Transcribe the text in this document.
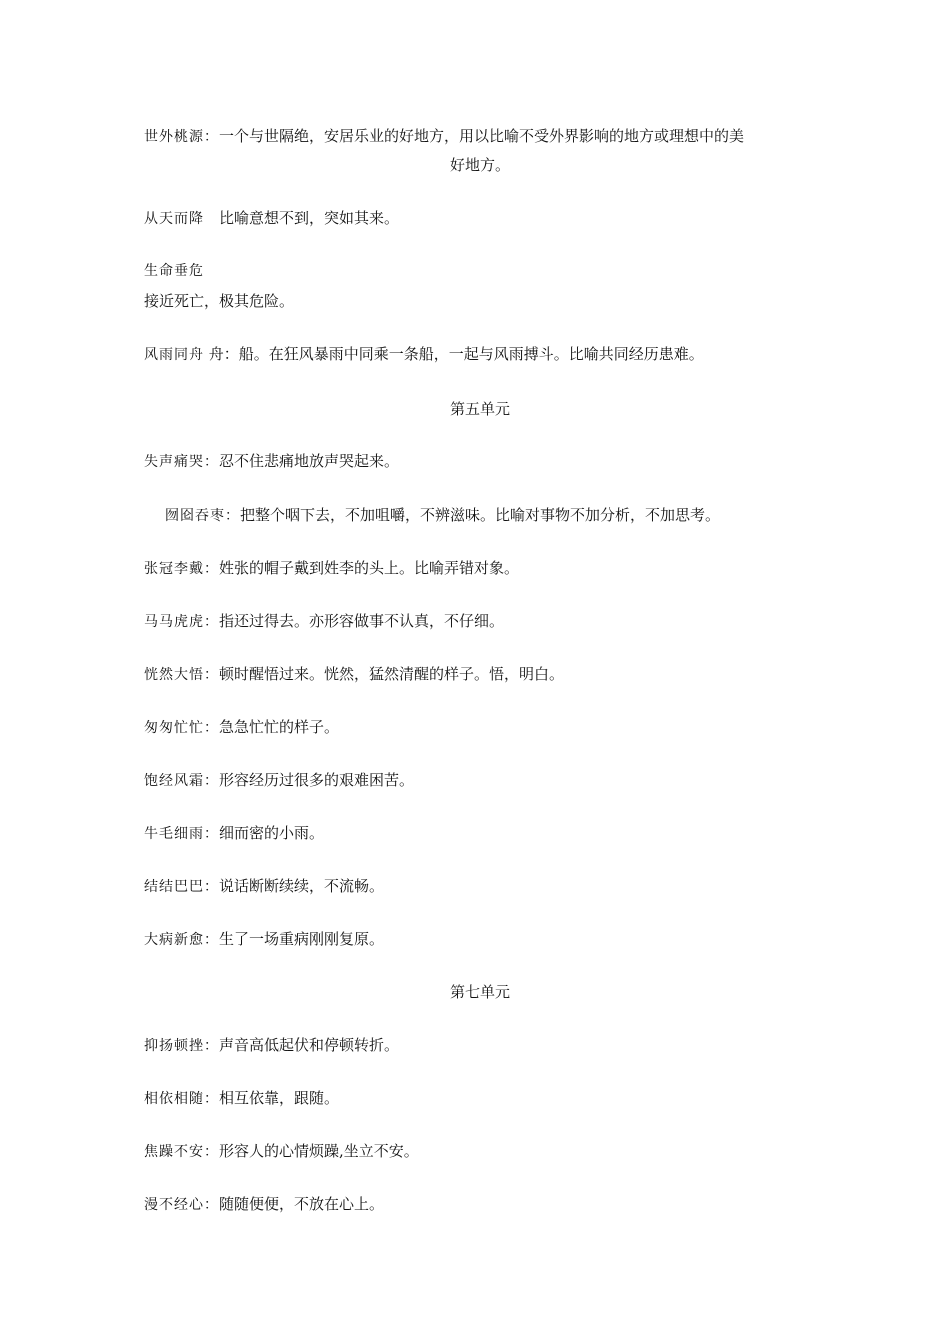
世外桃源：一个与世隔绝，安居乐业的好地方，用以比喻不受外界影响的地方或理想中的美
好地方。
从天而降　比喻意想不到，突如其来。
生命垂危
接近死亡，极其危险。
风雨同舟 舟：船。在狂风暴雨中同乘一条船，一起与风雨搏斗。比喻共同经历患难。
第五单元
失声痛哭：忍不住悲痛地放声哭起来。
囫囵吞枣：把整个咽下去，不加咀嚼，不辨滋味。比喻对事物不加分析，不加思考。
张冠李戴：姓张的帽子戴到姓李的头上。比喻弄错对象。
马马虎虎：指还过得去。亦形容做事不认真，不仔细。
恍然大悟：顿时醒悟过来。恍然，猛然清醒的样子。悟，明白。
匆匆忙忙：急急忙忙的样子。
饱经风霜：形容经历过很多的艰难困苦。
牛毛细雨：细而密的小雨。
结结巴巴：说话断断续续，不流畅。
大病新愈：生了一场重病刚刚复原。
第七单元
抑扬顿挫：声音高低起伏和停顿转折。
相依相随：相互依靠，跟随。
焦躁不安：形容人的心情烦躁,坐立不安。
漫不经心：随随便便，不放在心上。
